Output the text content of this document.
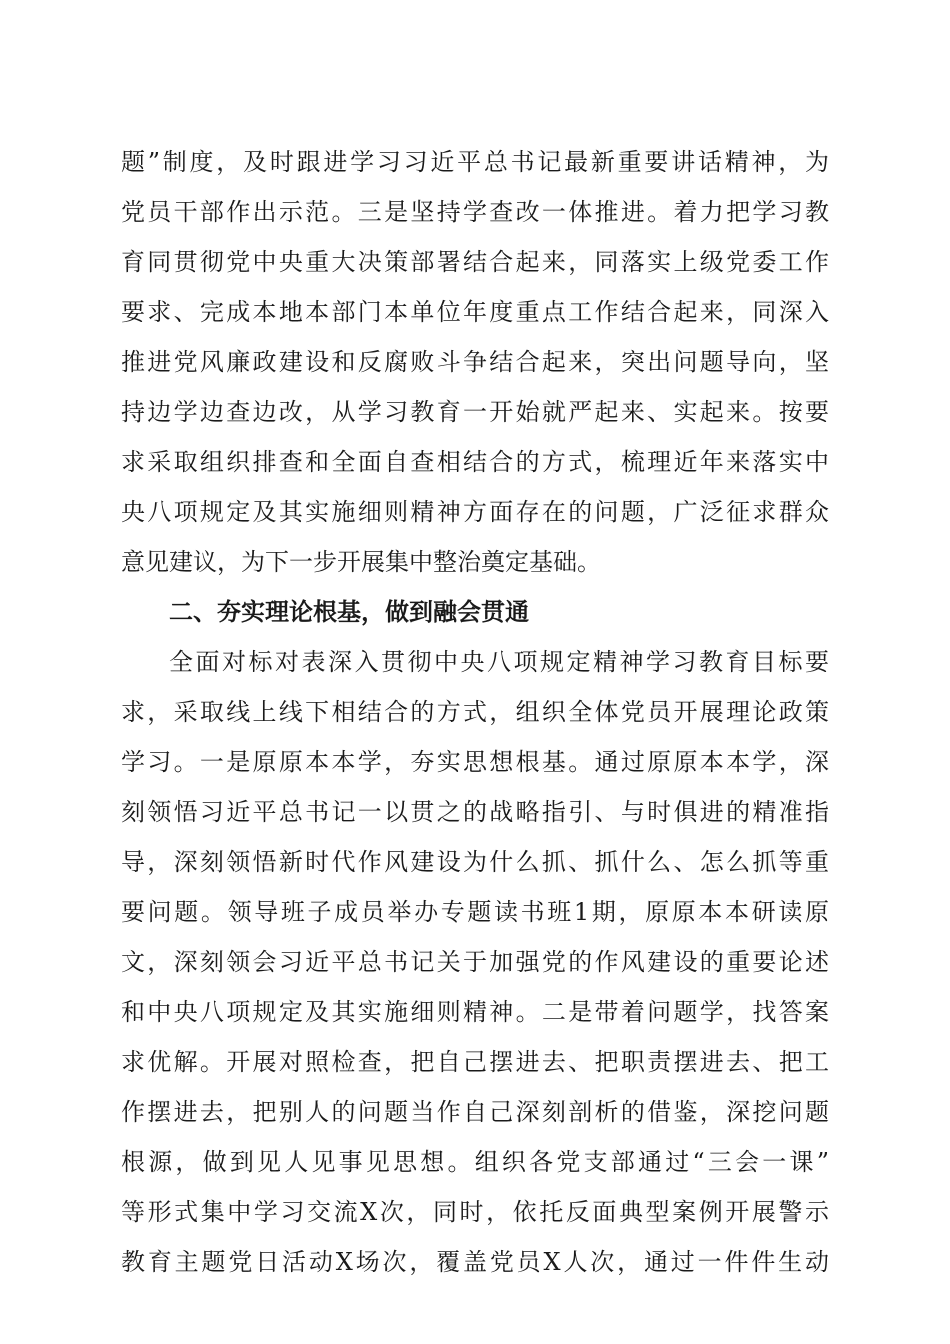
题”制度，及时跟进学习习近平总书记最新重要讲话精神，为
党员干部作出示范。三是坚持学查改一体推进。着力把学习教
育同贯彻党中央重大决策部署结合起来，同落实上级党委工作
要求、完成本地本部门本单位年度重点工作结合起来，同深入
推进党风廉政建设和反腐败斗争结合起来，突出问题导向，坚
持边学边查边改，从学习教育一开始就严起来、实起来。按要
求采取组织排查和全面自查相结合的方式，梳理近年来落实中
央八项规定及其实施细则精神方面存在的问题，广泛征求群众
意见建议，为下一步开展集中整治奠定基础。
二、夯实理论根基，做到融会贯通
全面对标对表深入贯彻中央八项规定精神学习教育目标要
求，采取线上线下相结合的方式，组织全体党员开展理论政策
学习。一是原原本本学，夯实思想根基。通过原原本本学，深
刻领悟习近平总书记一以贯之的战略指引、与时俱进的精准指
导，深刻领悟新时代作风建设为什么抓、抓什么、怎么抓等重
要问题。领导班子成员举办专题读书班1期，原原本本研读原
文，深刻领会习近平总书记关于加强党的作风建设的重要论述
和中央八项规定及其实施细则精神。二是带着问题学，找答案
求优解。开展对照检查，把自己摆进去、把职责摆进去、把工
作摆进去，把别人的问题当作自己深刻剖析的借鉴，深挖问题
根源，做到见人见事见思想。组织各党支部通过“三会一课”
等形式集中学习交流X次，同时，依托反面典型案例开展警示
教育主题党日活动X场次，覆盖党员X人次，通过一件件生动
